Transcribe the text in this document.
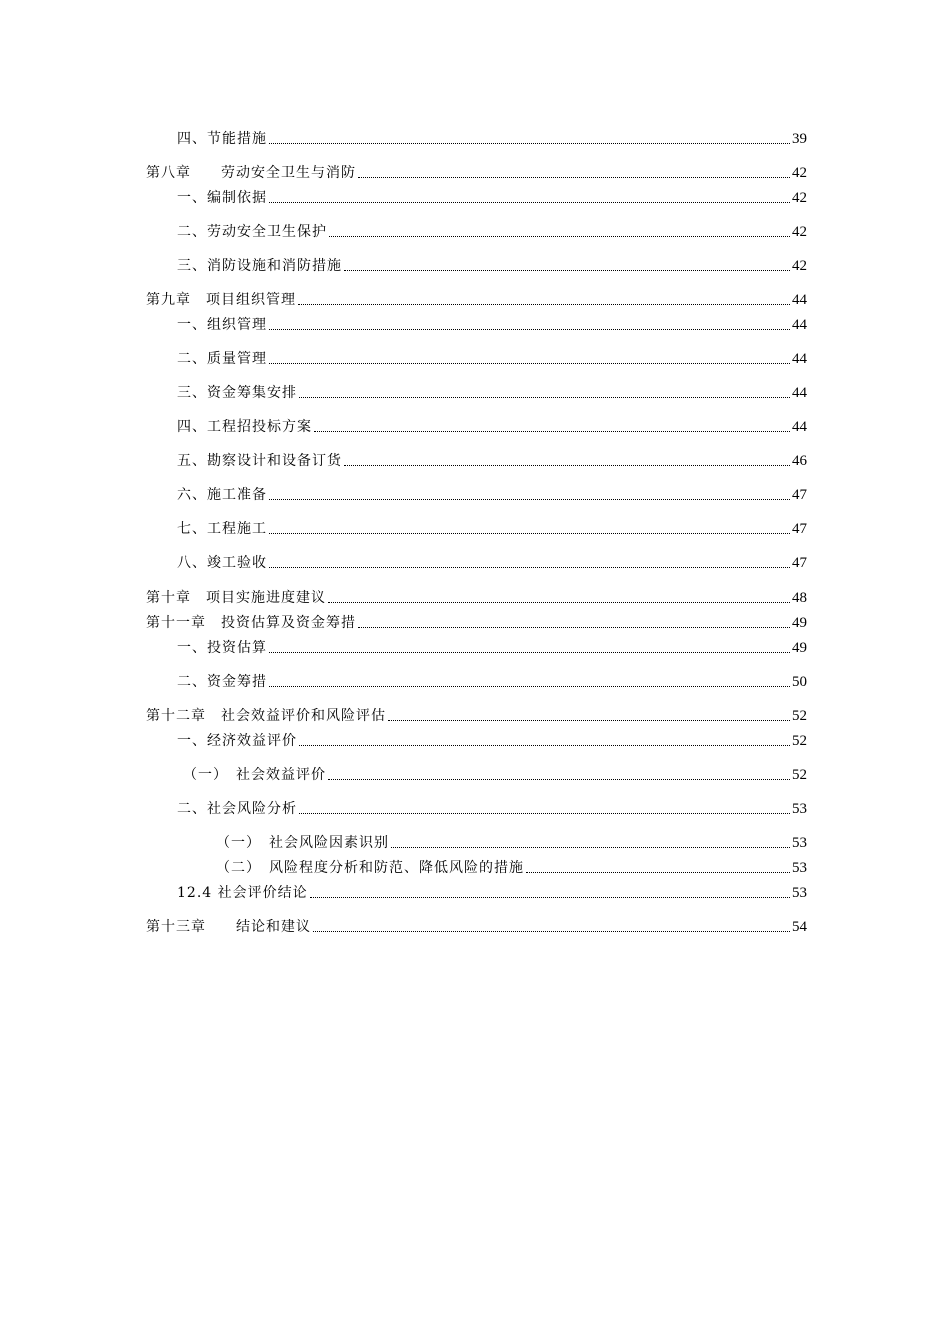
四、节能措施	39
第八章　　劳动安全卫生与消防	42
一、编制依据	42
二、劳动安全卫生保护	42
三、消防设施和消防措施	42
第九章　项目组织管理	44
一、组织管理	44
二、质量管理	44
三、资金筹集安排	44
四、工程招投标方案	44
五、勘察设计和设备订货	46
六、施工准备	47
七、工程施工	47
八、竣工验收	47
第十章　项目实施进度建议	48
第十一章　投资估算及资金筹措	49
一、投资估算	49
二、资金筹措	50
第十二章　社会效益评价和风险评估	52
一、经济效益评价	52
（一）　社会效益评价	52
二、社会风险分析	53
（一）　社会风险因素识别	53
（二）　风险程度分析和防范、降低风险的措施	53
12.4 社会评价结论	53
第十三章　　结论和建议	54
